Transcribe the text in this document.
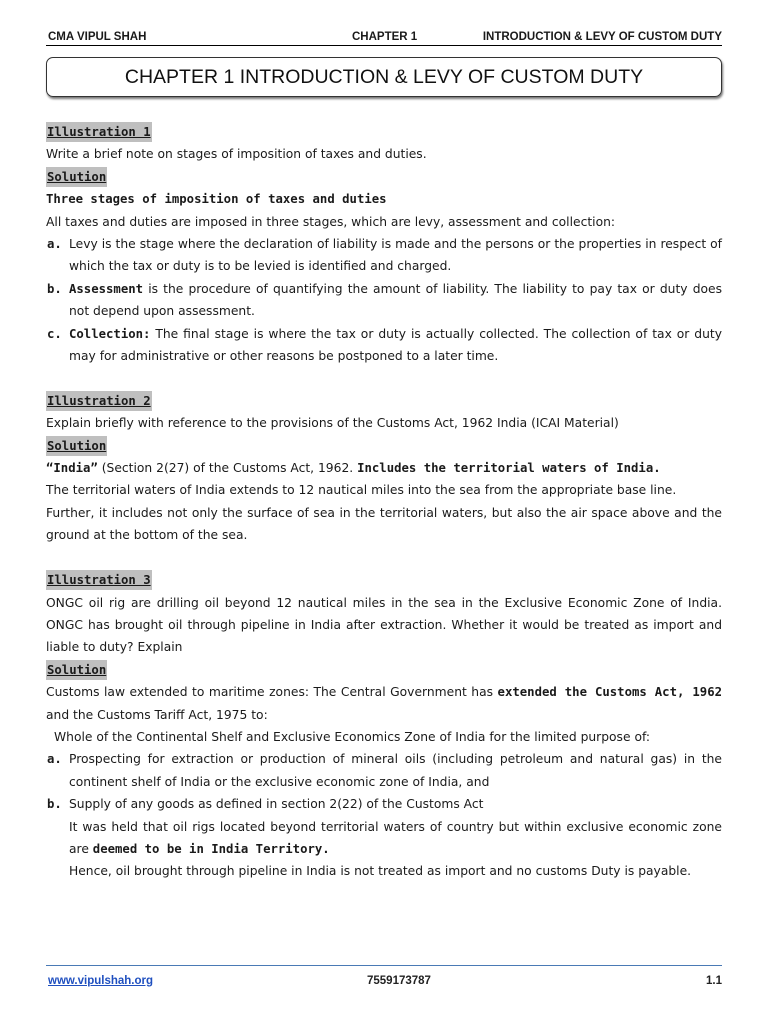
CMA VIPUL SHAH	CHAPTER 1	INTRODUCTION & LEVY OF CUSTOM DUTY
CHAPTER 1 INTRODUCTION & LEVY OF CUSTOM DUTY

Illustration 1

Write a brief note on stages of imposition of taxes and duties.

Solution

Three stages of imposition of taxes and duties

All taxes and duties are imposed in three stages, which are levy, assessment and collection:

a. Levy is the stage where the declaration of liability is made and the persons or the properties in respect of which the tax or duty is to be levied is identified and charged.
b. Assessment is the procedure of quantifying the amount of liability. The liability to pay tax or duty does not depend upon assessment.
c. Collection: The final stage is where the tax or duty is actually collected. The collection of tax or duty may for administrative or other reasons be postponed to a later time.

Illustration 2

Explain briefly with reference to the provisions of the Customs Act, 1962 India (ICAI Material)

Solution

“India” (Section 2(27) of the Customs Act, 1962. Includes the territorial waters of India.

The territorial waters of India extends to 12 nautical miles into the sea from the appropriate base line.

Further, it includes not only the surface of sea in the territorial waters, but also the air space above and the ground at the bottom of the sea.

Illustration 3

ONGC oil rig are drilling oil beyond 12 nautical miles in the sea in the Exclusive Economic Zone of India. ONGC has brought oil through pipeline in India after extraction. Whether it would be treated as import and liable to duty? Explain

Solution

Customs law extended to maritime zones: The Central Government has extended the Customs Act, 1962 and the Customs Tariff Act, 1975 to:

Whole of the Continental Shelf and Exclusive Economics Zone of India for the limited purpose of:

a. Prospecting for extraction or production of mineral oils (including petroleum and natural gas) in the continent shelf of India or the exclusive economic zone of India, and
b. Supply of any goods as defined in section 2(22) of the Customs Act
It was held that oil rigs located beyond territorial waters of country but within exclusive economic zone are deemed to be in India Territory.
Hence, oil brought through pipeline in India is not treated as import and no customs Duty is payable.
www.vipulshah.org	7559173787	1.1
